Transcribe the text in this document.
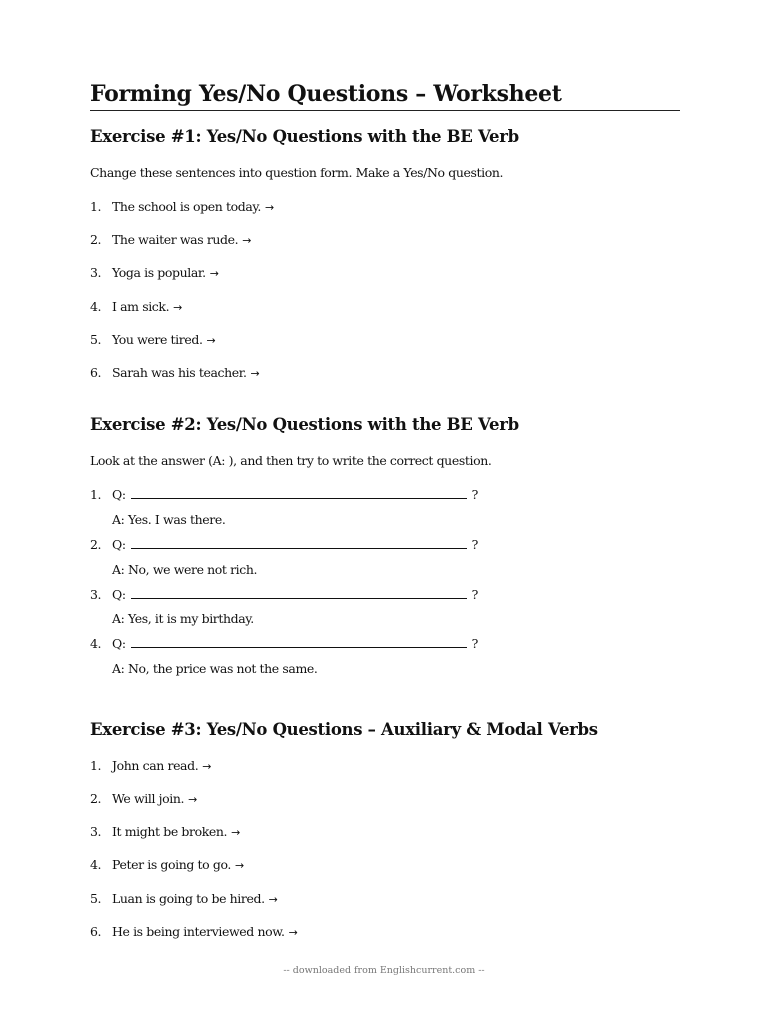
Forming Yes/No Questions – Worksheet
Exercise #1: Yes/No Questions with the BE Verb
Change these sentences into question form. Make a Yes/No question.
1. The school is open today. →
2. The waiter was rude. →
3. Yoga is popular. →
4. I am sick. →
5. You were tired. →
6. Sarah was his teacher. →
Exercise #2: Yes/No Questions with the BE Verb
Look at the answer (A: ), and then try to write the correct question.
1. Q:	?
A: Yes. I was there.
2. Q:	?
A: No, we were not rich.
3. Q:	?
A: Yes, it is my birthday.
4. Q:	?
A: No, the price was not the same.
Exercise #3: Yes/No Questions – Auxiliary & Modal Verbs
1. John can read. →
2. We will join. →
3. It might be broken. →
4. Peter is going to go. →
5. Luan is going to be hired. →
6. He is being interviewed now. →
-- downloaded from Englishcurrent.com --
